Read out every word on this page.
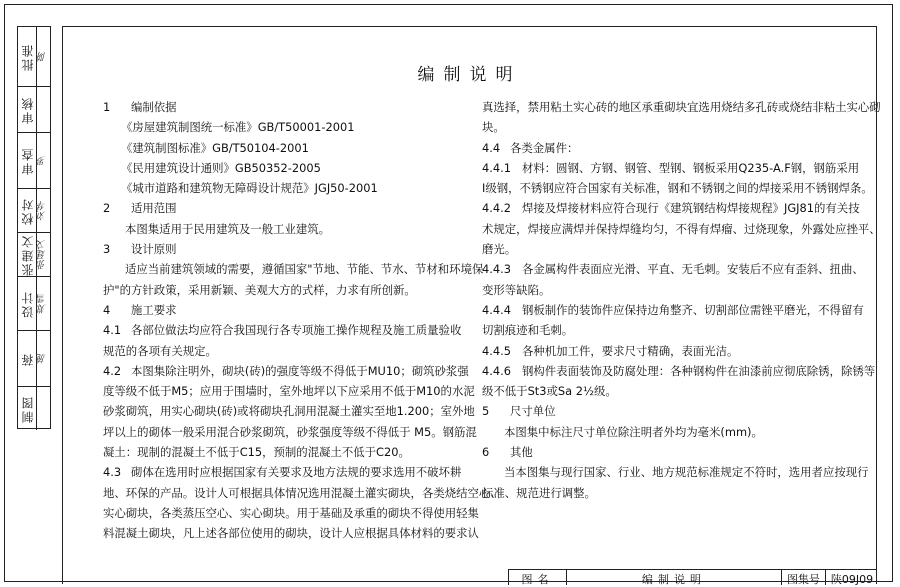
批准 陈
审核
审查 罗
校对 刘华
张建文 张建文
设计 郑雪
蒋 施
制图
编制说明

1 编制依据

《房屋建筑制图统一标准》GB/T50001-2001

《建筑制图标准》GB/T50104-2001

《民用建筑设计通则》GB50352-2005

《城市道路和建筑物无障碍设计规范》JGJ50-2001

2 适用范围

本图集适用于民用建筑及一般工业建筑。

3 设计原则

适应当前建筑领域的需要，遵循国家"节地、节能、节水、节材和环境保

护"的方针政策，采用新颖、美观大方的式样，力求有所创新。

4 施工要求

4.1 各部位做法均应符合我国现行各专项施工操作规程及施工质量验收

规范的各项有关规定。

4.2 本图集除注明外，砌块(砖)的强度等级不得低于MU10；砌筑砂浆强

度等级不低于M5；应用于围墙时，室外地坪以下应采用不低于M10的水泥

砂浆砌筑，用实心砌块(砖)或将砌块孔洞用混凝土灌实至地1.200；室外地

坪以上的砌体一般采用混合砂浆砌筑，砂浆强度等级不得低于 M5。钢筋混

凝土：现制的混凝土不低于C15，预制的混凝土不低于C20。

4.3 砌体在选用时应根据国家有关要求及地方法规的要求选用不破坏耕

地、环保的产品。设计人可根据具体情况选用混凝土灌实砌块，各类烧结空心、

实心砌块，各类蒸压空心、实心砌块。用于基础及承重的砌块不得使用轻集

料混凝土砌块，凡上述各部位使用的砌块，设计人应根据具体材料的要求认

真选择，禁用粘土实心砖的地区承重砌块宜选用烧结多孔砖或烧结非粘土实心砌

块。

4.4 各类金属件：

4.4.1 材料：圆钢、方钢、钢管、型钢、钢板采用Q235-A.F钢，钢筋采用

I级钢，不锈钢应符合国家有关标准，钢和不锈钢之间的焊接采用不锈钢焊条。

4.4.2 焊接及焊接材料应符合现行《建筑钢结构焊接规程》JGJ81的有关技

术规定，焊接应满焊并保持焊缝均匀，不得有焊瘤、过烧现象，外露处应挫平、

磨光。

4.4.3 各金属构件表面应光滑、平直、无毛刺。安装后不应有歪斜、扭曲、

变形等缺陷。

4.4.4 钢板制作的装饰件应保持边角整齐、切割部位需锉平磨光，不得留有

切割痕迹和毛刺。

4.4.5 各种机加工件，要求尺寸精确，表面光洁。

4.4.6 钢构件表面装饰及防腐处理：各种钢构件在油漆前应彻底除锈，除锈等

级不低于St3或Sa 2½级。

5 尺寸单位

本图集中标注尺寸单位除注明者外均为毫米(mm)。

6 其他

当本图集与现行国家、行业、地方规范标准规定不符时，选用者应按现行

标准、规范进行调整。

图名	编制说明	图集号 陕09J09
